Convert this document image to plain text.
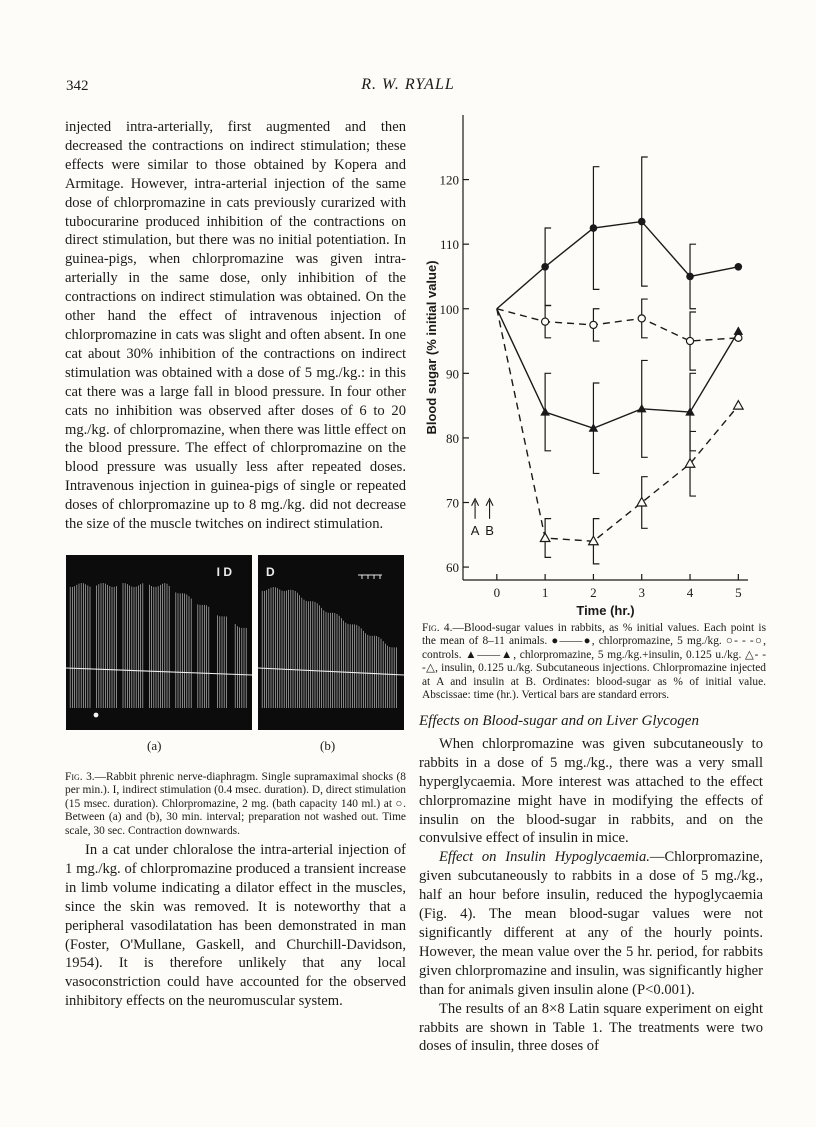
342	R. W. RYALL

injected intra-arterially, first augmented and then decreased the contractions on indirect stimulation; these effects were similar to those obtained by Kopera and Armitage. However, intra-arterial injection of the same dose of chlorpromazine in cats previously curarized with tubocurarine produced inhibition of the contractions on direct stimulation, but there was no initial potentiation. In guinea-pigs, when chlorpromazine was given intra-arterially in the same dose, only inhibition of the contractions on indirect stimulation was obtained. On the other hand the effect of intravenous injection of chlorpromazine in cats was slight and often absent. In one cat about 30% inhibition of the contractions on indirect stimulation was obtained with a dose of 5 mg./kg.: in this cat there was a large fall in blood pressure. In four other cats no inhibition was observed after doses of 6 to 20 mg./kg. of chlorpromazine, when there was little effect on the blood pressure. The effect of chlorpromazine on the blood pressure was usually less after repeated doses. Intravenous injection in guinea-pigs of single or repeated doses of chlorpromazine up to 8 mg./kg. did not decrease the size of the muscle twitches on indirect stimulation.

I D	D
(a)	(b)
Fig. 3.—Rabbit phrenic nerve-diaphragm. Single supramaximal shocks (8 per min.). I, indirect stimulation (0.4 msec. duration). D, direct stimulation (15 msec. duration). Chlorpromazine, 2 mg. (bath capacity 140 ml.) at ○. Between (a) and (b), 30 min. interval; preparation not washed out. Time scale, 30 sec. Contraction downwards.

In a cat under chloralose the intra-arterial injection of 1 mg./kg. of chlorpromazine produced a transient increase in limb volume indicating a dilator effect in the muscles, since the skin was removed. It is noteworthy that a peripheral vasodilatation has been demonstrated in man (Foster, O'Mullane, Gaskell, and Churchill-Davidson, 1954). It is therefore unlikely that any local vasoconstriction could have accounted for the observed inhibitory effects on the neuromuscular system.

60
70
80
90
100
110
120
0	1	2	3	4	5
Time (hr.)
Blood sugar (% initial value)
A B
Fig. 4.—Blood-sugar values in rabbits, as % initial values. Each point is the mean of 8–11 animals. ●——●, chlorpromazine, 5 mg./kg. ○- - -○, controls. ▲——▲, chlorpromazine, 5 mg./kg.+insulin, 0.125 u./kg. △- - -△, insulin, 0.125 u./kg. Subcutaneous injections. Chlorpromazine injected at A and insulin at B. Ordinates: blood-sugar as % of initial value. Abscissae: time (hr.). Vertical bars are standard errors.

Effects on Blood-sugar and on Liver Glycogen

When chlorpromazine was given subcutaneously to rabbits in a dose of 5 mg./kg., there was a very small hyperglycaemia. More interest was attached to the effect chlorpromazine might have in modifying the effects of insulin on the blood-sugar in rabbits, and on the convulsive effect of insulin in mice.

Effect on Insulin Hypoglycaemia.—Chlorpromazine, given subcutaneously to rabbits in a dose of 5 mg./kg., half an hour before insulin, reduced the hypoglycaemia (Fig. 4). The mean blood-sugar values were not significantly different at any of the hourly points. However, the mean value over the 5 hr. period, for rabbits given chlorpromazine and insulin, was significantly higher than for animals given insulin alone (P<0.001).

The results of an 8×8 Latin square experiment on eight rabbits are shown in Table 1. The treatments were two doses of insulin, three doses of
